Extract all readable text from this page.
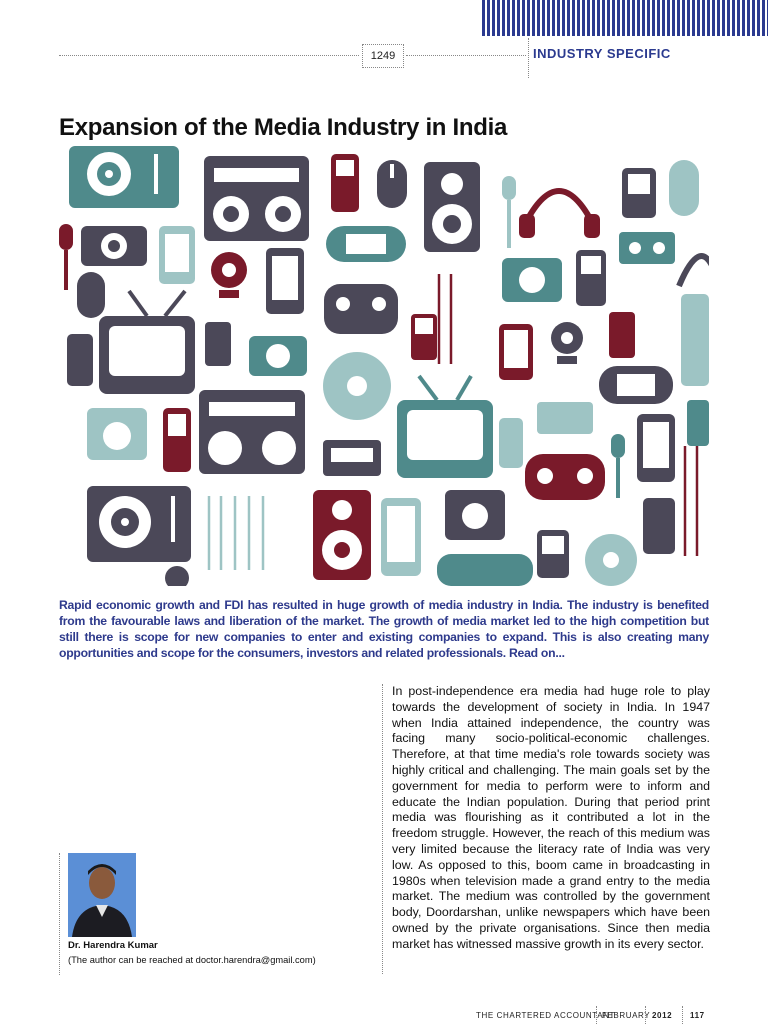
1249	INDUSTRY SPECIFIC
Expansion of the Media Industry in India
Rapid economic growth and FDI has resulted in huge growth of media industry in India. The industry is benefited from the favourable laws and liberation of the market. The growth of media market led to the high competition but still there is scope for new companies to enter and existing companies to expand. This is also creating many opportunities and scope for the consumers, investors and related professionals. Read on...
In post-independence era media had huge role to play towards the development of society in India. In 1947 when India attained independence, the country was facing many socio-political-economic challenges. Therefore, at that time media's role towards society was highly critical and challenging. The main goals set by the government for media to perform were to inform and educate the Indian population. During that period print media was flourishing as it contributed a lot in the freedom struggle. However, the reach of this medium was very limited because the literacy rate of India was very low. As opposed to this, boom came in broadcasting in 1980s when television made a grand entry to the media market. The medium was controlled by the government body, Doordarshan, unlike newspapers which have been owned by the private organisations. Since then media market has witnessed massive growth in its every sector.
Dr. Harendra Kumar
(The author can be reached at doctor.harendra@gmail.com)
THE CHARTERED ACCOUNTANT
FEBRUARY 2012 117
